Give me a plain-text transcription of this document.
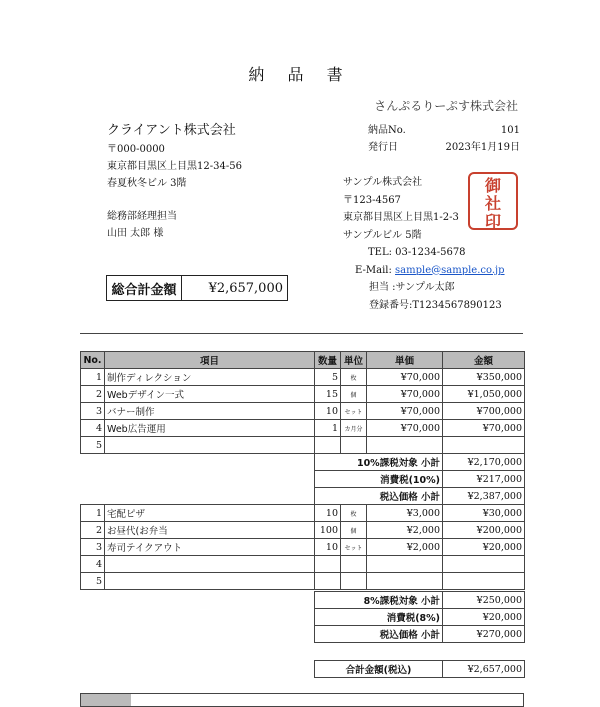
納 品 書
さんぷるりーぷす株式会社
クライアント株式会社
〒000-0000
東京都目黒区上目黒12-34-56
春夏秋冬ビル 3階
総務部経理担当
山田 太郎 様
納品No.	101
発行日	2023年1月19日
サンプル株式会社
〒123-4567
東京都目黒区上目黒1-2-3
サンプルビル 5階
TEL: 03-1234-5678
E-Mail: sample@sample.co.jp
担当 :サンプル太郎
登録番号:T1234567890123
御
社
印
総合計金額	¥2,657,000
No.	項目	数量	単位	単価	金額
1	制作ディレクション	5	枚	¥70,000	¥350,000
2	Webデザイン一式	15	個	¥70,000	¥1,050,000
3	バナー制作	10	セット	¥70,000	¥700,000
4	Web広告運用	1	カ月分	¥70,000	¥70,000
5					
10%課税対象 小計	¥2,170,000
消費税(10%)	¥217,000
税込価格 小計	¥2,387,000
1	宅配ピザ	10	枚	¥3,000	¥30,000
2	お昼代(お弁当	100	個	¥2,000	¥200,000
3	寿司テイクアウト	10	セット	¥2,000	¥20,000
4					
5					
8%課税対象 小計	¥250,000
消費税(8%)	¥20,000
税込価格 小計	¥270,000
合計金額(税込)	¥2,657,000
